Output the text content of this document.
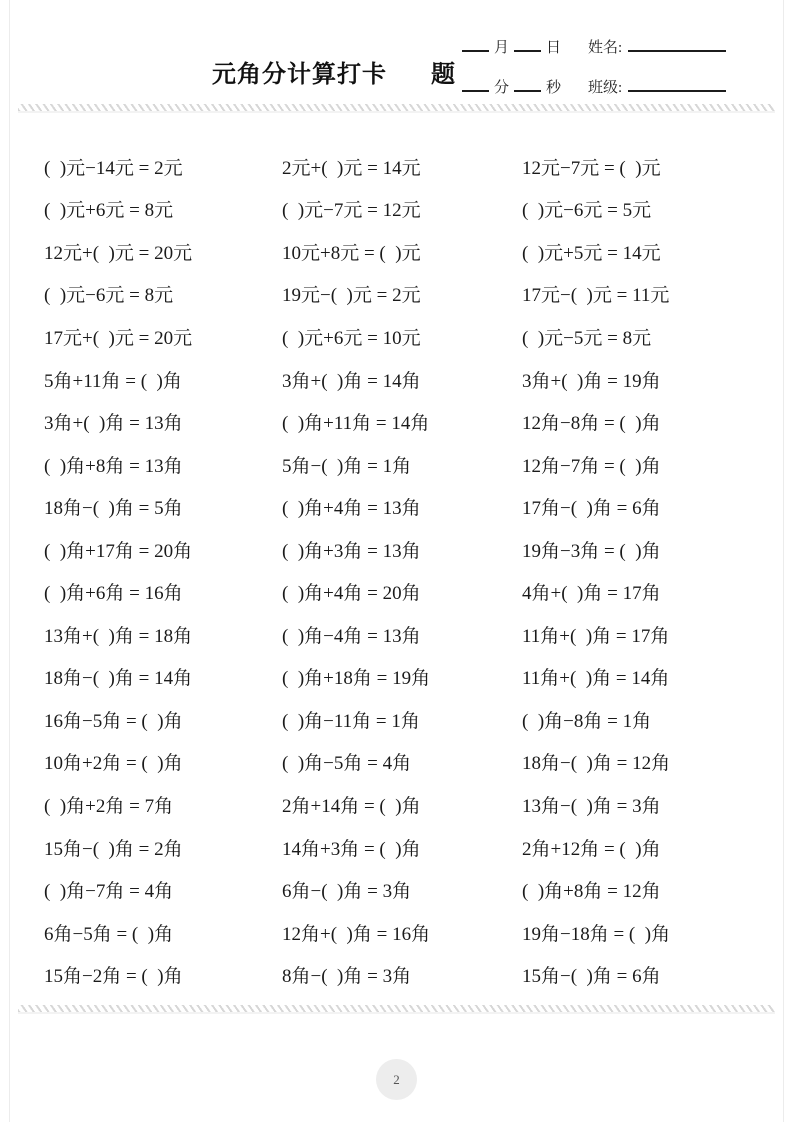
元角分计算打卡 题
月 日 姓名:
分 秒 班级:
(  )元−14元 = 2元	2元+(  )元 = 14元	12元−7元 = (  )元
(  )元+6元 = 8元	(  )元−7元 = 12元	(  )元−6元 = 5元
12元+(  )元 = 20元	10元+8元 = (  )元	(  )元+5元 = 14元
(  )元−6元 = 8元	19元−(  )元 = 2元	17元−(  )元 = 11元
17元+(  )元 = 20元	(  )元+6元 = 10元	(  )元−5元 = 8元
5角+11角 = (  )角	3角+(  )角 = 14角	3角+(  )角 = 19角
3角+(  )角 = 13角	(  )角+11角 = 14角	12角−8角 = (  )角
(  )角+8角 = 13角	5角−(  )角 = 1角	12角−7角 = (  )角
18角−(  )角 = 5角	(  )角+4角 = 13角	17角−(  )角 = 6角
(  )角+17角 = 20角	(  )角+3角 = 13角	19角−3角 = (  )角
(  )角+6角 = 16角	(  )角+4角 = 20角	4角+(  )角 = 17角
13角+(  )角 = 18角	(  )角−4角 = 13角	11角+(  )角 = 17角
18角−(  )角 = 14角	(  )角+18角 = 19角	11角+(  )角 = 14角
16角−5角 = (  )角	(  )角−11角 = 1角	(  )角−8角 = 1角
10角+2角 = (  )角	(  )角−5角 = 4角	18角−(  )角 = 12角
(  )角+2角 = 7角	2角+14角 = (  )角	13角−(  )角 = 3角
15角−(  )角 = 2角	14角+3角 = (  )角	2角+12角 = (  )角
(  )角−7角 = 4角	6角−(  )角 = 3角	(  )角+8角 = 12角
6角−5角 = (  )角	12角+(  )角 = 16角	19角−18角 = (  )角
15角−2角 = (  )角	8角−(  )角 = 3角	15角−(  )角 = 6角
2
